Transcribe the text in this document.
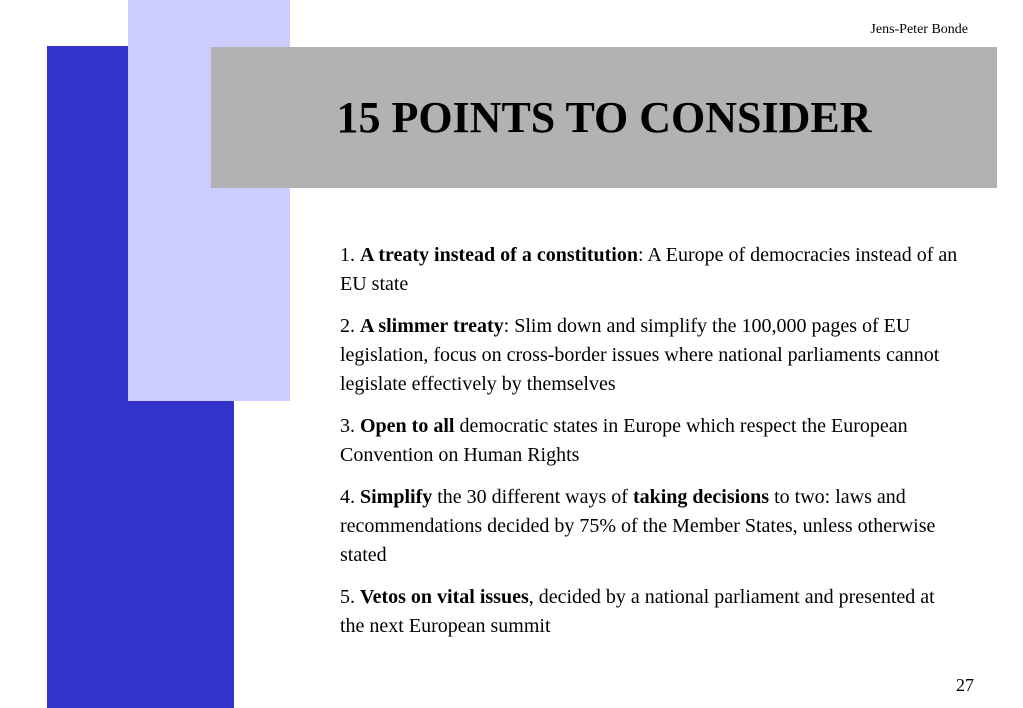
Jens-Peter Bonde
15 POINTS TO CONSIDER
1. A treaty instead of a constitution: A Europe of democracies instead of an EU state
2. A slimmer treaty: Slim down and simplify the 100,000 pages of EU legislation, focus on cross-border issues where national parliaments cannot legislate effectively by themselves
3. Open to all democratic states in Europe which respect the European Convention on Human Rights
4. Simplify the 30 different ways of taking decisions to two: laws and recommendations decided by 75% of the Member States, unless otherwise stated
5. Vetos on vital issues, decided by a national parliament and presented at the next European summit
27
